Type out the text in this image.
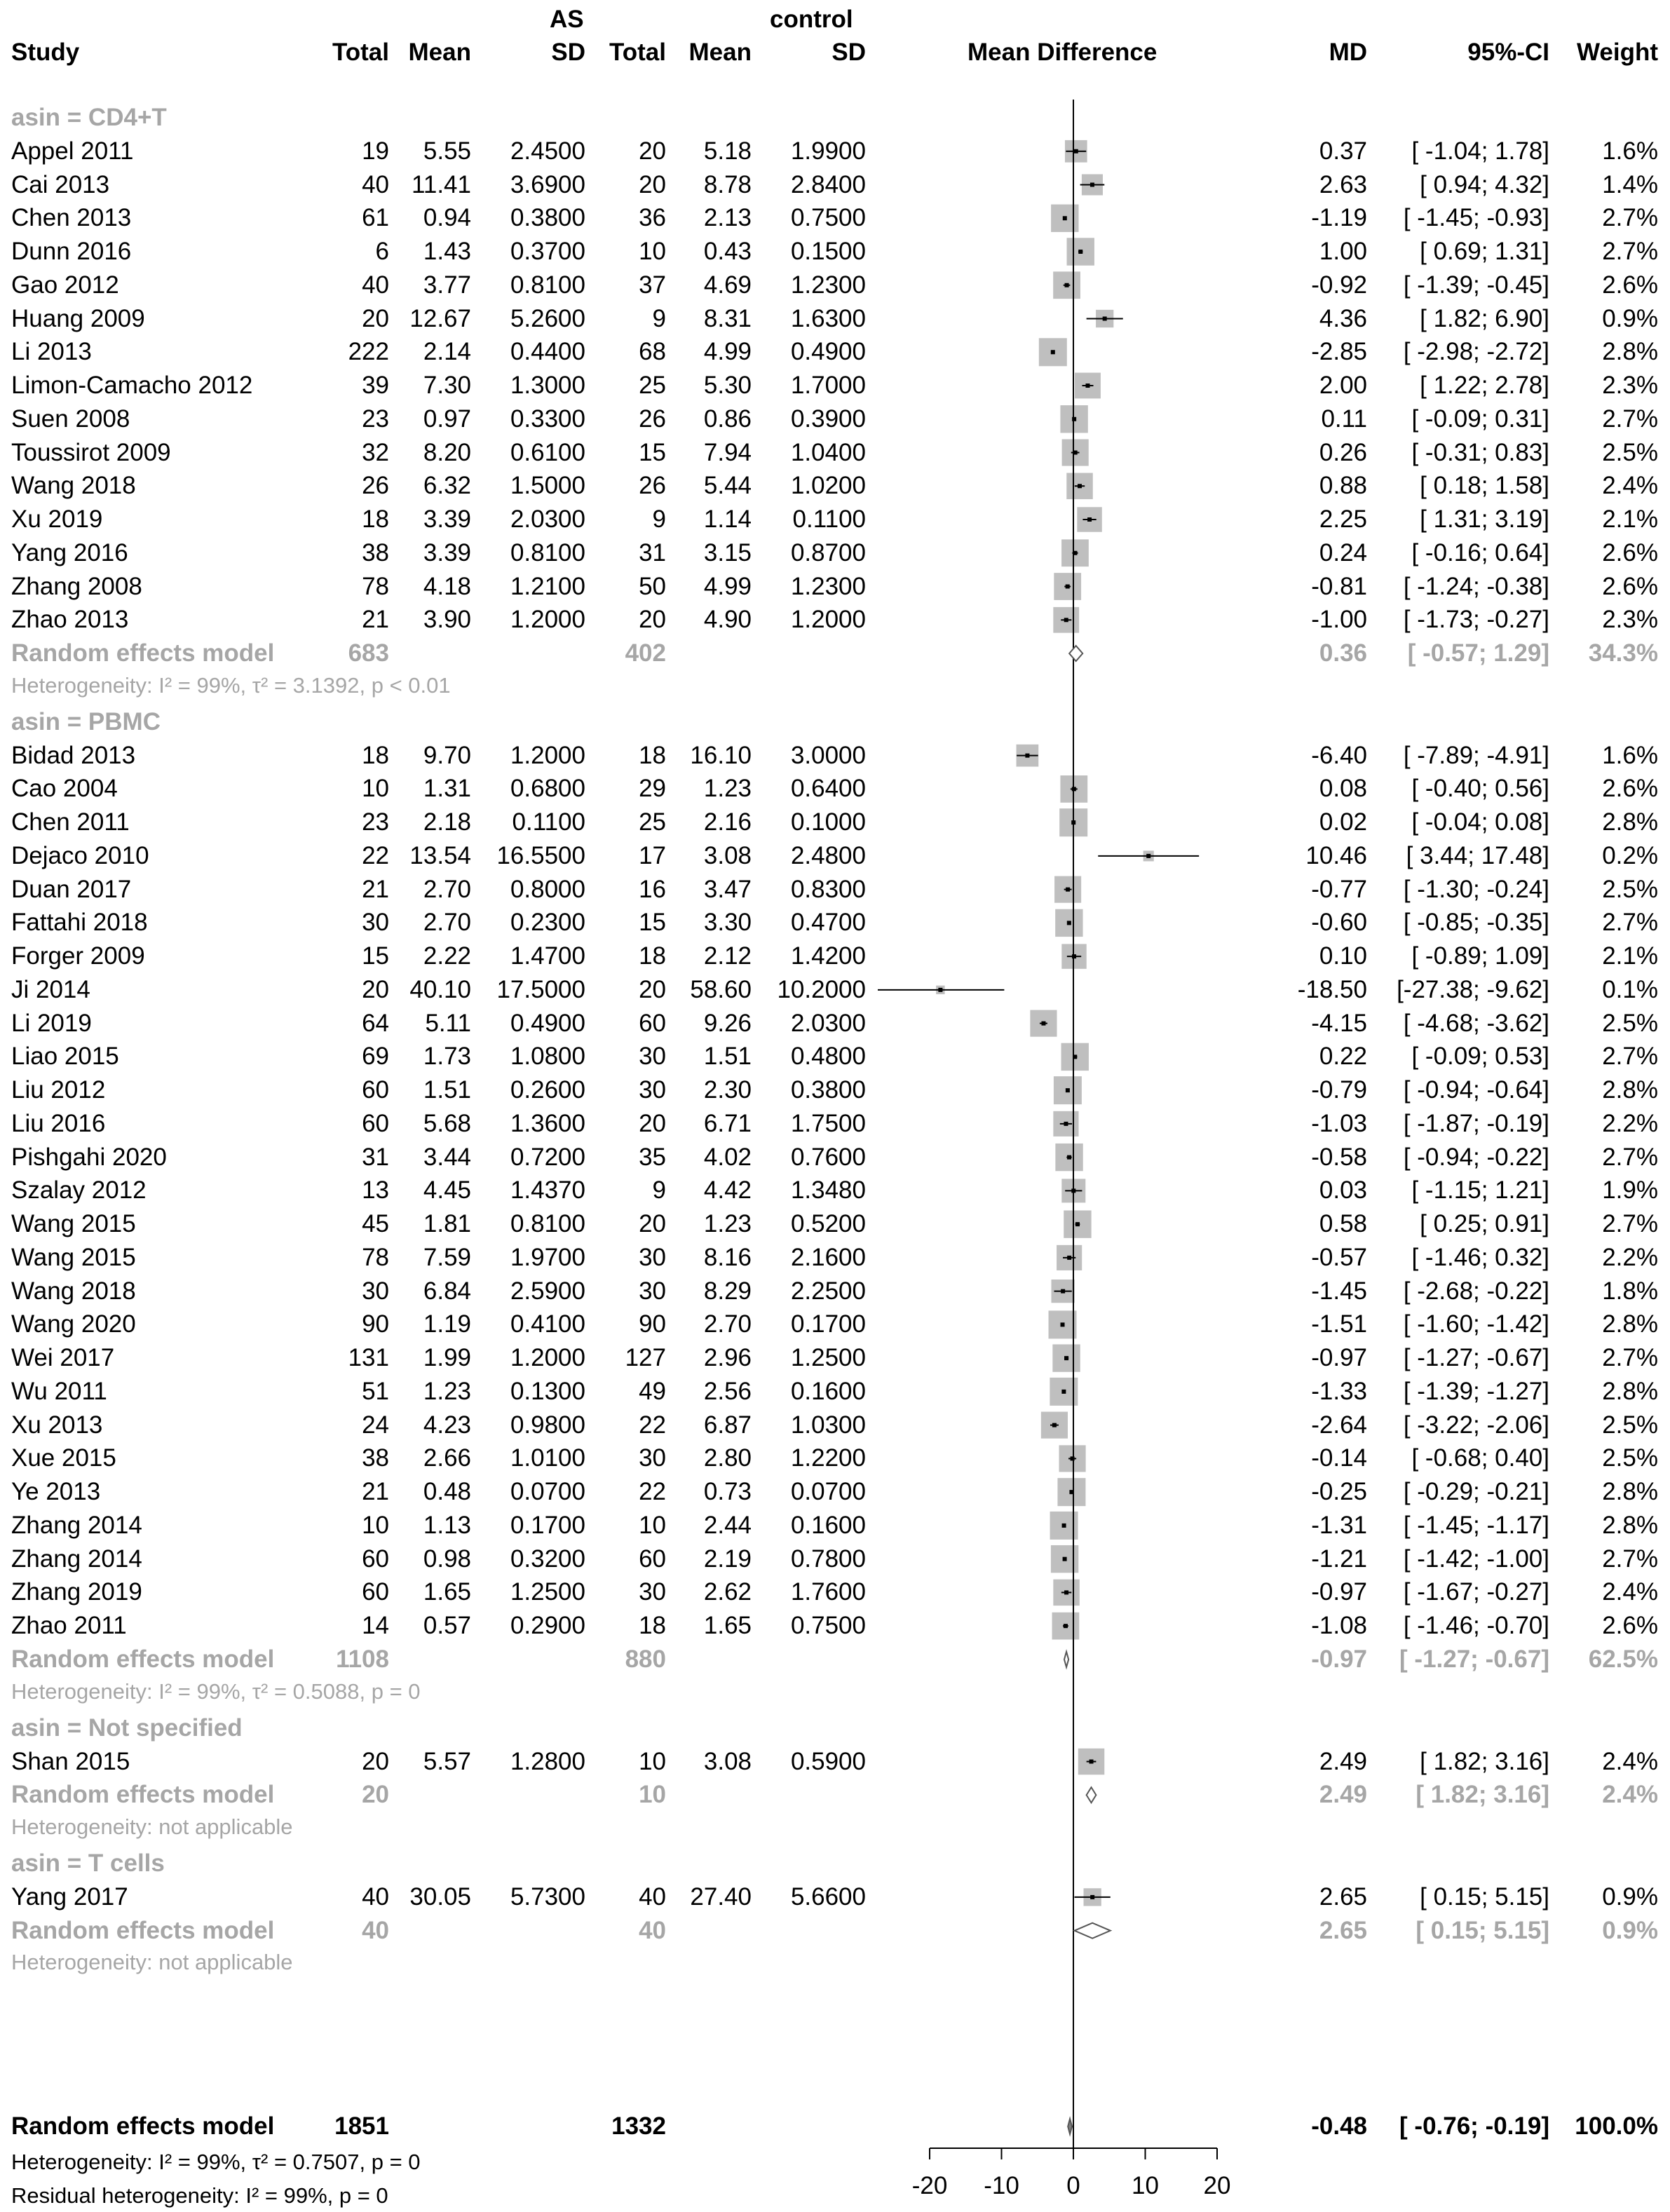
AS	control
Study	Total Mean	SD Total Mean	SD	Mean Difference	MD	95%-CI	Weight
asin = CD4+T
Appel 2011	19	5.55	2.4500	20	5.18	1.9900	0.37	[ -1.04; 1.78]	1.6%
Cai 2013	40 11.41	3.6900	20	8.78	2.8400	2.63	[ 0.94; 4.32]	1.4%
Chen 2013	61	0.94	0.3800	36	2.13	0.7500	-1.19	[ -1.45; -0.93]	2.7%
Dunn 2016	6	1.43	0.3700	10	0.43	0.1500	1.00	[ 0.69; 1.31]	2.7%
Gao 2012	40	3.77	0.8100	37	4.69	1.2300	-0.92	[ -1.39; -0.45]	2.6%
Huang 2009	20 12.67	5.2600	9	8.31	1.6300	4.36	[ 1.82; 6.90]	0.9%
Li 2013	222	2.14	0.4400	68	4.99	0.4900	-2.85	[ -2.98; -2.72]	2.8%
Limon-Camacho 2012	39	7.30	1.3000	25	5.30	1.7000	2.00	[ 1.22; 2.78]	2.3%
Suen 2008	23	0.97	0.3300	26	0.86	0.3900	0.11	[ -0.09; 0.31]	2.7%
Toussirot 2009	32	8.20	0.6100	15	7.94	1.0400	0.26	[ -0.31; 0.83]	2.5%
Wang 2018	26	6.32	1.5000	26	5.44	1.0200	0.88	[ 0.18; 1.58]	2.4%
Xu 2019	18	3.39	2.0300	9	1.14	0.1100	2.25	[ 1.31; 3.19]	2.1%
Yang 2016	38	3.39	0.8100	31	3.15	0.8700	0.24	[ -0.16; 0.64]	2.6%
Zhang 2008	78	4.18	1.2100	50	4.99	1.2300	-0.81	[ -1.24; -0.38]	2.6%
Zhao 2013	21	3.90	1.2000	20	4.90	1.2000	-1.00	[ -1.73; -0.27]	2.3%
Random effects model	683	402	0.36	[ -0.57; 1.29]	34.3%
Heterogeneity: I² = 99%, τ² = 3.1392, p < 0.01
asin = PBMC
Bidad 2013	18	9.70	1.2000	18 16.10	3.0000	-6.40	[ -7.89; -4.91]	1.6%
Cao 2004	10	1.31	0.6800	29	1.23	0.6400	0.08	[ -0.40; 0.56]	2.6%
Chen 2011	23	2.18	0.1100	25	2.16	0.1000	0.02	[ -0.04; 0.08]	2.8%
Dejaco 2010	22 13.54 16.5500	17	3.08	2.4800	10.46	[ 3.44; 17.48]	0.2%
Duan 2017	21	2.70	0.8000	16	3.47	0.8300	-0.77	[ -1.30; -0.24]	2.5%
Fattahi 2018	30	2.70	0.2300	15	3.30	0.4700	-0.60	[ -0.85; -0.35]	2.7%
Forger 2009	15	2.22	1.4700	18	2.12	1.4200	0.10	[ -0.89; 1.09]	2.1%
Ji 2014	20 40.10 17.5000	20 58.60 10.2000	-18.50	[-27.38; -9.62]	0.1%
Li 2019	64	5.11	0.4900	60	9.26	2.0300	-4.15	[ -4.68; -3.62]	2.5%
Liao 2015	69	1.73	1.0800	30	1.51	0.4800	0.22	[ -0.09; 0.53]	2.7%
Liu 2012	60	1.51	0.2600	30	2.30	0.3800	-0.79	[ -0.94; -0.64]	2.8%
Liu 2016	60	5.68	1.3600	20	6.71	1.7500	-1.03	[ -1.87; -0.19]	2.2%
Pishgahi 2020	31	3.44	0.7200	35	4.02	0.7600	-0.58	[ -0.94; -0.22]	2.7%
Szalay 2012	13	4.45	1.4370	9	4.42	1.3480	0.03	[ -1.15; 1.21]	1.9%
Wang 2015	45	1.81	0.8100	20	1.23	0.5200	0.58	[ 0.25; 0.91]	2.7%
Wang 2015	78	7.59	1.9700	30	8.16	2.1600	-0.57	[ -1.46; 0.32]	2.2%
Wang 2018	30	6.84	2.5900	30	8.29	2.2500	-1.45	[ -2.68; -0.22]	1.8%
Wang 2020	90	1.19	0.4100	90	2.70	0.1700	-1.51	[ -1.60; -1.42]	2.8%
Wei 2017	131	1.99	1.2000	127	2.96	1.2500	-0.97	[ -1.27; -0.67]	2.7%
Wu 2011	51	1.23	0.1300	49	2.56	0.1600	-1.33	[ -1.39; -1.27]	2.8%
Xu 2013	24	4.23	0.9800	22	6.87	1.0300	-2.64	[ -3.22; -2.06]	2.5%
Xue 2015	38	2.66	1.0100	30	2.80	1.2200	-0.14	[ -0.68; 0.40]	2.5%
Ye 2013	21	0.48	0.0700	22	0.73	0.0700	-0.25	[ -0.29; -0.21]	2.8%
Zhang 2014	10	1.13	0.1700	10	2.44	0.1600	-1.31	[ -1.45; -1.17]	2.8%
Zhang 2014	60	0.98	0.3200	60	2.19	0.7800	-1.21	[ -1.42; -1.00]	2.7%
Zhang 2019	60	1.65	1.2500	30	2.62	1.7600	-0.97	[ -1.67; -0.27]	2.4%
Zhao 2011	14	0.57	0.2900	18	1.65	0.7500	-1.08	[ -1.46; -0.70]	2.6%
Random effects model	1108	880	-0.97	[ -1.27; -0.67]	62.5%
Heterogeneity: I² = 99%, τ² = 0.5088, p = 0
asin = Not specified
Shan 2015	20	5.57	1.2800	10	3.08	0.5900	2.49	[ 1.82; 3.16]	2.4%
Random effects model	20	10	2.49	[ 1.82; 3.16]	2.4%
Heterogeneity: not applicable
asin = T cells
Yang 2017	40 30.05	5.7300	40 27.40	5.6600	2.65	[ 0.15; 5.15]	0.9%
Random effects model	40	40	2.65	[ 0.15; 5.15]	0.9%
Heterogeneity: not applicable
Random effects model	1851	1332	-0.48	[ -0.76; -0.19]	100.0%
Heterogeneity: I² = 99%, τ² = 0.7507, p = 0
Residual heterogeneity: I² = 99%, p = 0	-20	-10	0	10	20
